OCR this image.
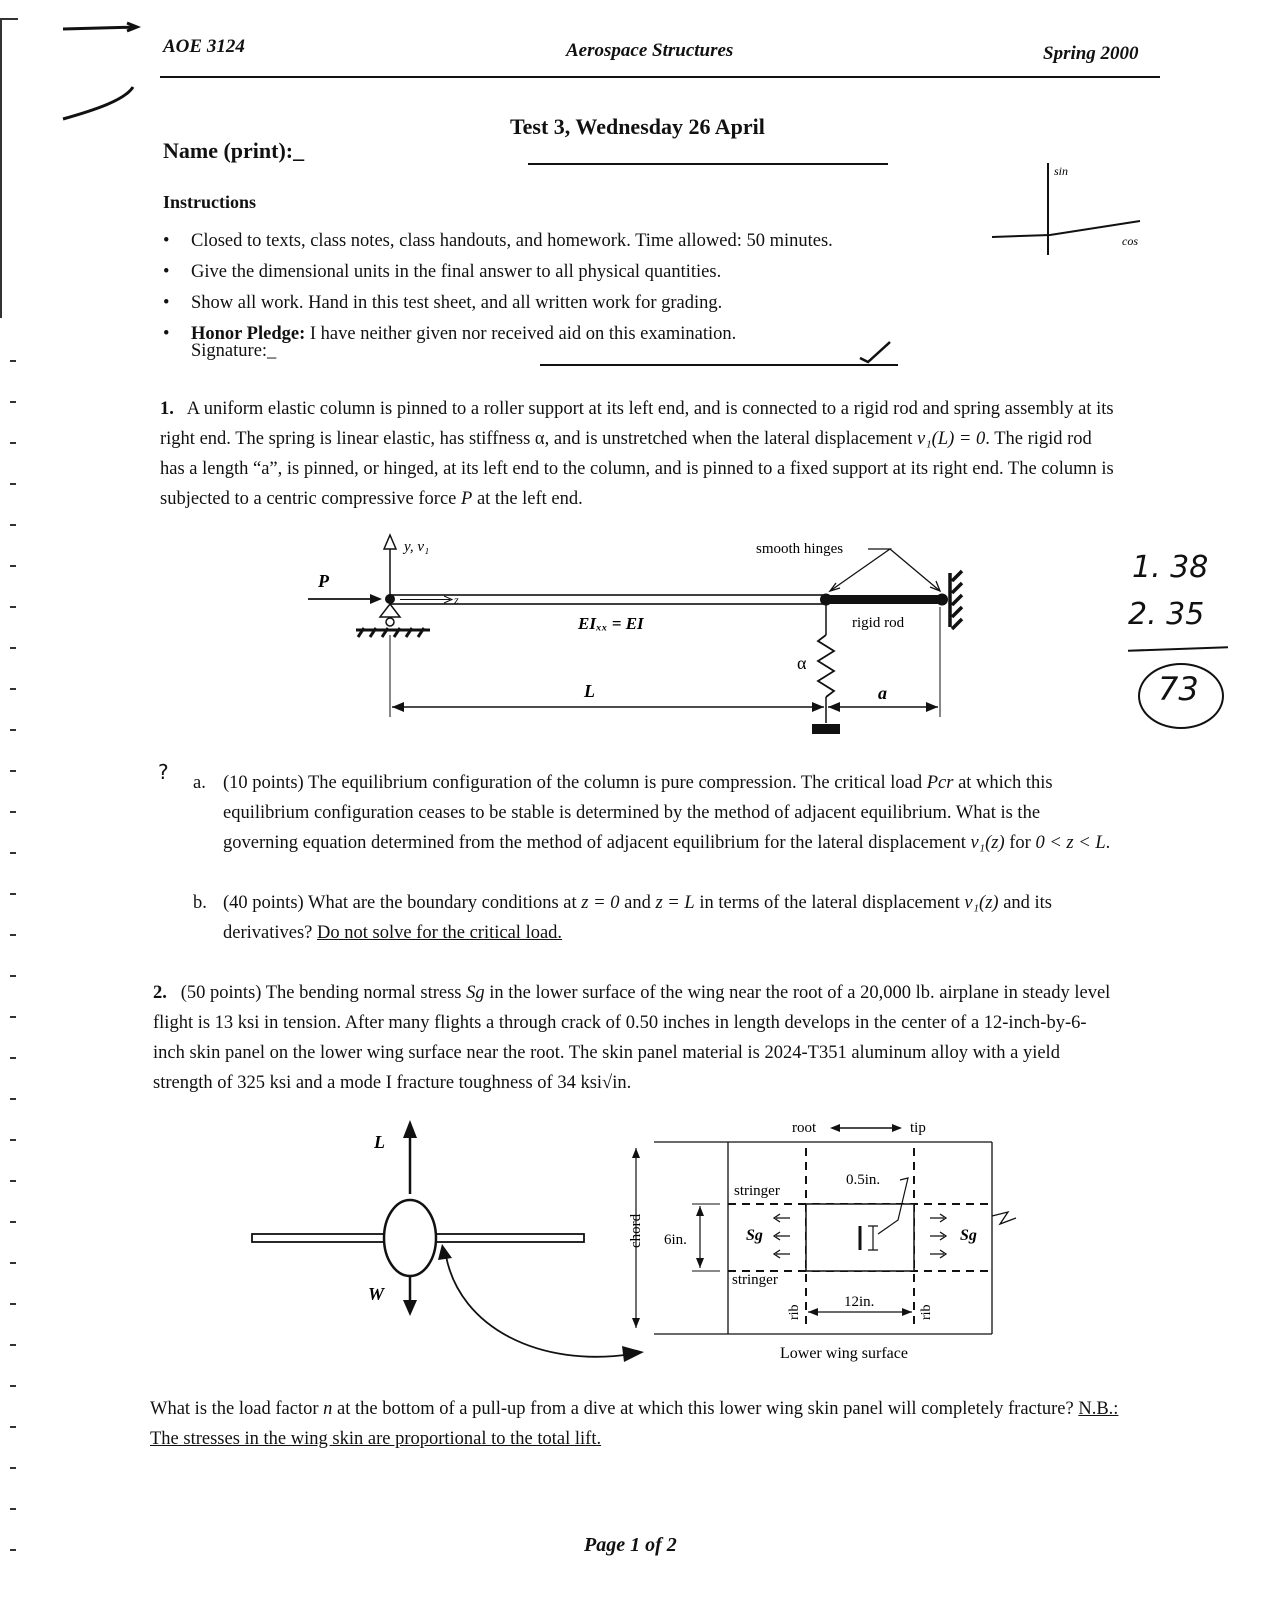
AOE 3124	Aerospace Structures	Spring 2000
Test 3, Wednesday 26 April
Name (print):_
Instructions
• Closed to texts, class notes, class handouts, and homework. Time allowed: 50 minutes.
• Give the dimensional units in the final answer to all physical quantities.
• Show all work. Hand in this test sheet, and all written work for grading.
• Honor Pledge: I have neither given nor received aid on this examination.
Signature:_
sin
cos
1. A uniform elastic column is pinned to a roller support at its left end, and is connected to a rigid rod and spring assembly at its right end. The spring is linear elastic, has stiffness α, and is unstretched when the lateral displacement v₁(L) = 0. The rigid rod has a length “a”, is pinned, or hinged, at its left end to the column, and is pinned to a fixed support at its right end. The column is subjected to a centric compressive force P at the left end.
y, v₁
P
z
EIₓₓ = EI	rigid rod
smooth hinges
α
L	a
1. 38
2. 35
73
? a. (10 points) The equilibrium configuration of the column is pure compression. The critical load Pcr at which this equilibrium configuration ceases to be stable is determined by the method of adjacent equilibrium. What is the governing equation determined from the method of adjacent equilibrium for the lateral displacement v₁(z) for 0 < z < L.
b. (40 points) What are the boundary conditions at z = 0 and z = L in terms of the lateral displacement v₁(z) and its derivatives? Do not solve for the critical load.
2. (50 points) The bending normal stress Sg in the lower surface of the wing near the root of a 20,000 lb. airplane in steady level flight is 13 ksi in tension. After many flights a through crack of 0.50 inches in length develops in the center of a 12-inch-by-6-inch skin panel on the lower wing surface near the root. The skin panel material is 2024-T351 aluminum alloy with a yield strength of 325 ksi and a mode I fracture toughness of 34 ksi√in.
L
W
root	tip
0.5in.
stringer
stringer
6in.
chord	Sg	Sg
rib	rib
12in.
Lower wing surface
What is the load factor n at the bottom of a pull-up from a dive at which this lower wing skin panel will completely fracture? N.B.: The stresses in the wing skin are proportional to the total lift.
Page 1 of 2
